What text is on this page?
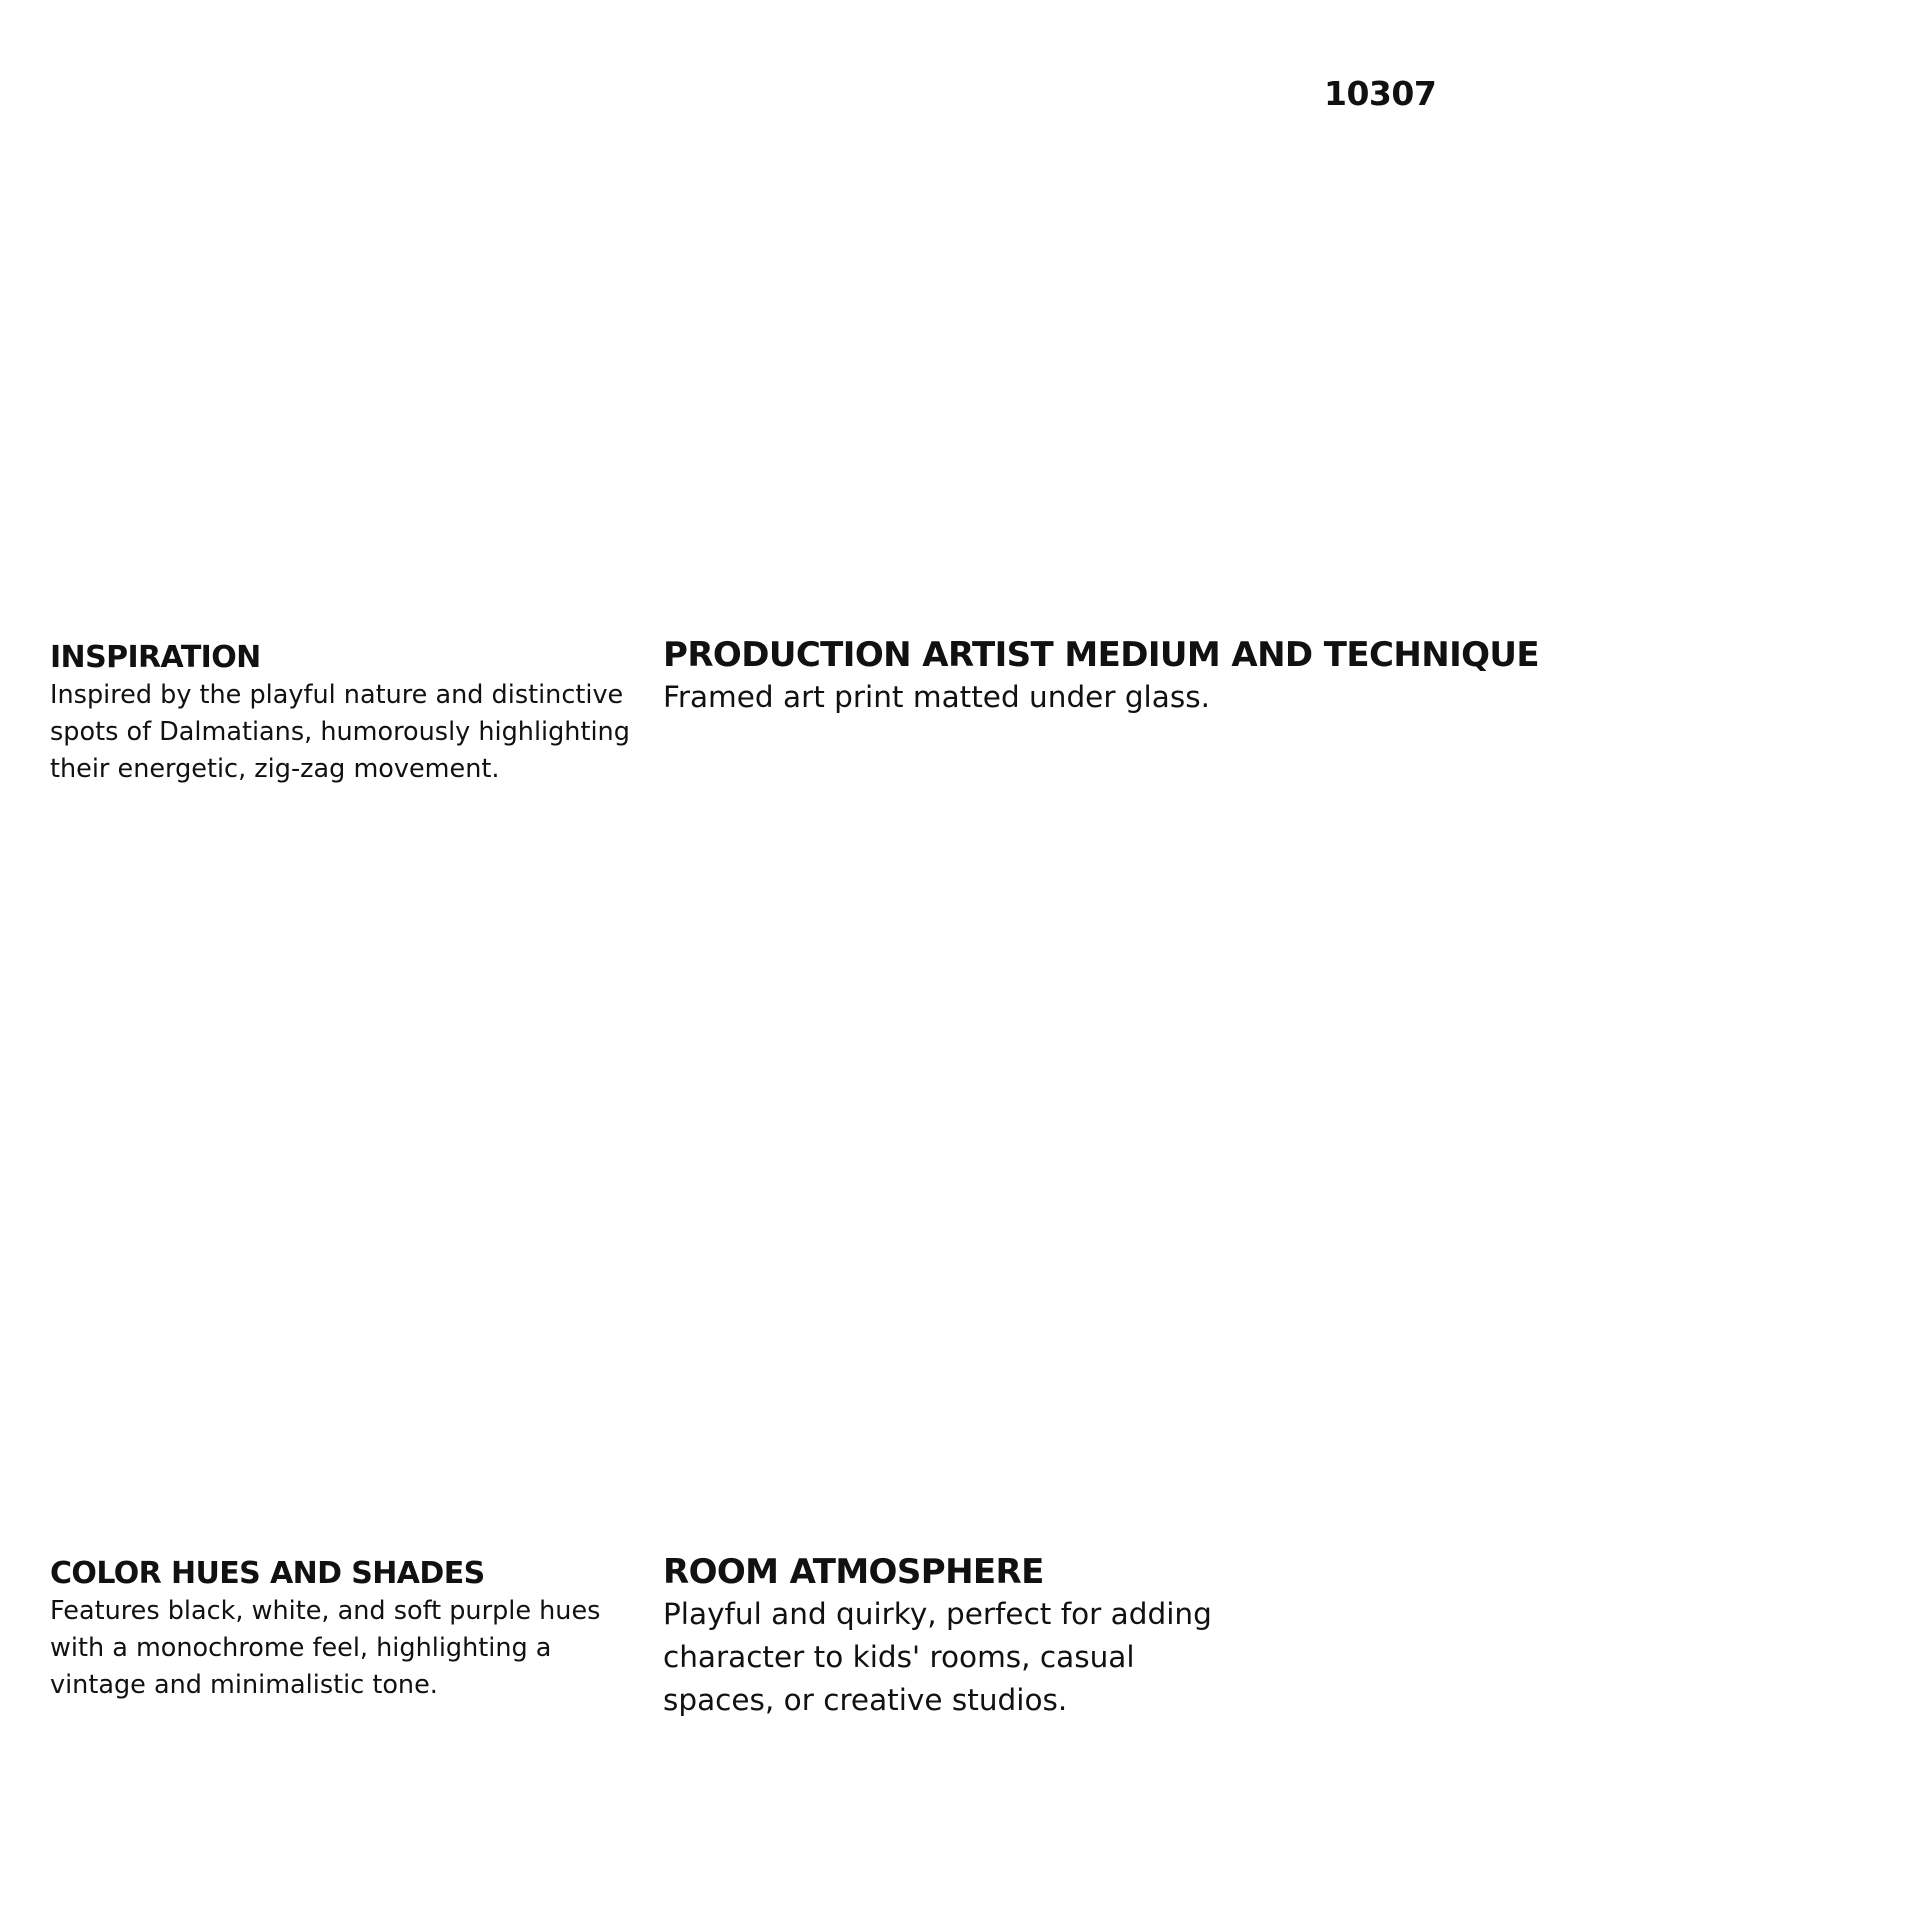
10307
INSPIRATION

Inspired by the playful nature and distinctive spots of Dalmatians, humorously highlighting their energetic, zig-zag movement.

PRODUCTION ARTIST MEDIUM AND TECHNIQUE

Framed art print matted under glass.

COLOR HUES AND SHADES

Features black, white, and soft purple hues with a monochrome feel, highlighting a vintage and minimalistic tone.

ROOM ATMOSPHERE

Playful and quirky, perfect for adding character to kids' rooms, casual spaces, or creative studios.
